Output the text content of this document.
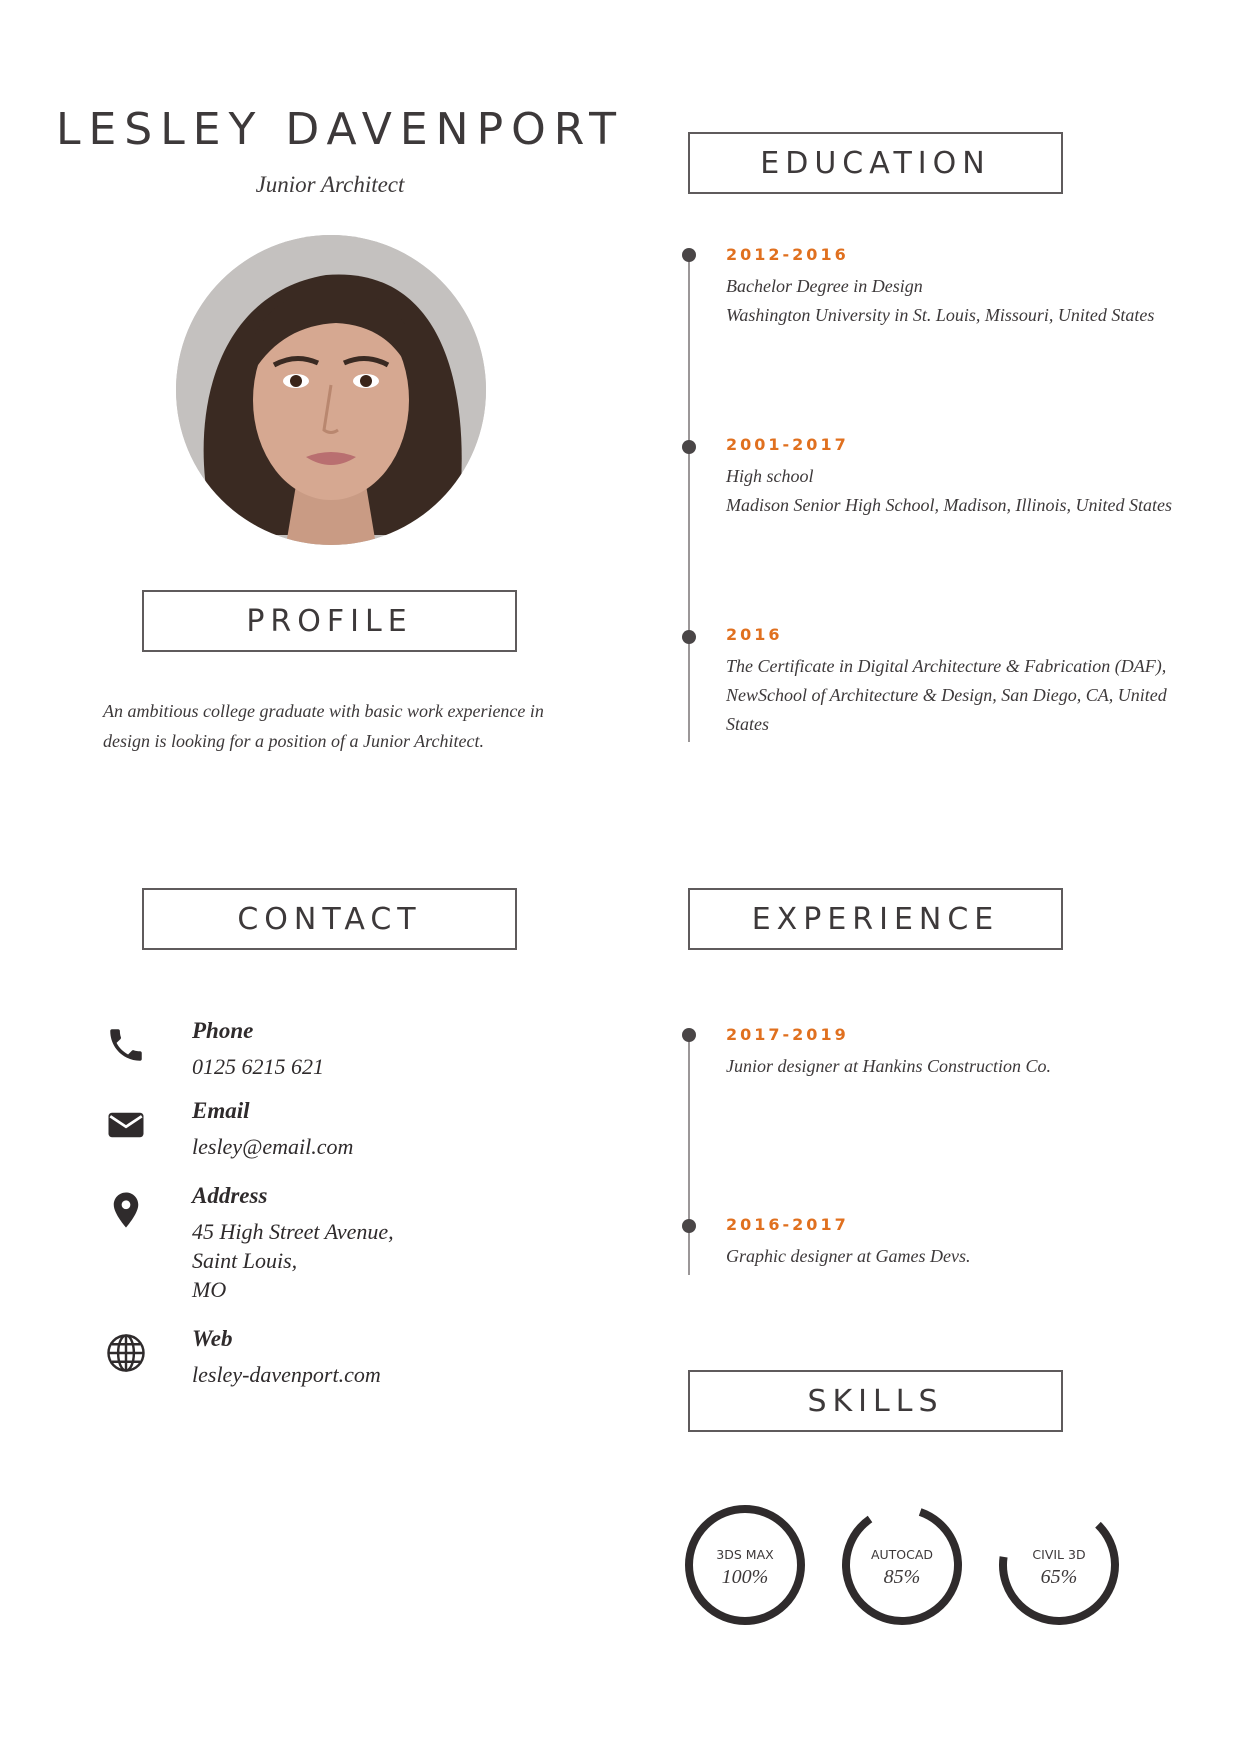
LESLEY DAVENPORT
Junior Architect
PROFILE
An ambitious college graduate with basic work experience in design is looking for a position of a Junior Architect.
CONTACT
Phone
0125 6215 621
Email
lesley@email.com
Address
45 High Street Avenue,
Saint Louis,
MO
Web
lesley-davenport.com
EDUCATION
2012-2016
Bachelor Degree in Design
Washington University in St. Louis, Missouri, United States
2001-2017
High school
Madison Senior High School, Madison, Illinois, United States
2016
The Certificate in Digital Architecture & Fabrication (DAF),
NewSchool of Architecture & Design, San Diego, CA, United
States
EXPERIENCE
2017-2019
Junior designer at Hankins Construction Co.
2016-2017
Graphic designer at Games Devs.
SKILLS
3DS MAX
100%
AUTOCAD
85%
CIVIL 3D
65%
